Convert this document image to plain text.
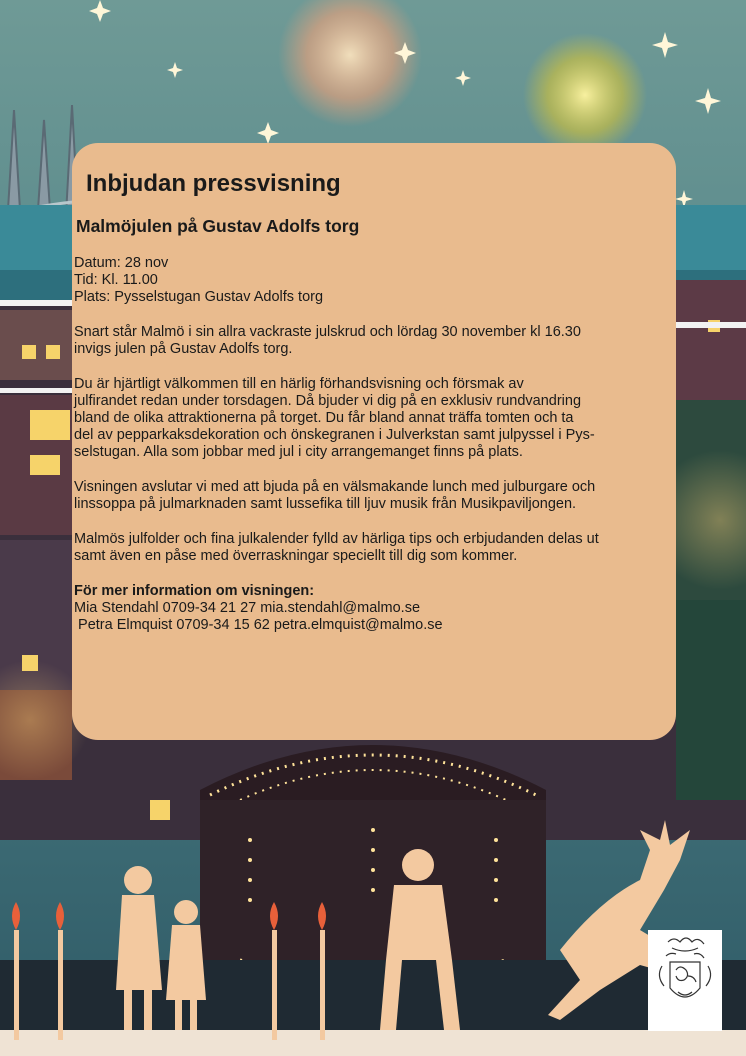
Inbjudan pressvisning
Malmöjulen på Gustav Adolfs torg

Datum: 28 nov
Tid: Kl. 11.00
Plats: Pysselstugan Gustav Adolfs torg

Snart står Malmö i sin allra vackraste julskrud och lördag 30 november kl 16.30
invigs julen på Gustav Adolfs torg.

Du är hjärtligt välkommen till en härlig förhandsvisning och försmak av
julfirandet redan under torsdagen. Då bjuder vi dig på en exklusiv rundvandring
bland de olika attraktionerna på torget. Du får bland annat träffa tomten och ta
del av pepparkaksdekoration och önskegranen i Julverkstan samt julpyssel i Pys-
selstugan. Alla som jobbar med jul i city arrangemanget finns på plats.

Visningen avslutar vi med att bjuda på en välsmakande lunch med julburgare och
linssoppa på julmarknaden samt lussefika till ljuv musik från Musikpaviljongen.

Malmös julfolder och fina julkalender fylld av härliga tips och erbjudanden delas ut
samt även en påse med överraskningar speciellt till dig som kommer.

För mer information om visningen:
Mia Stendahl 0709-34 21 27 mia.stendahl@malmo.se
Petra Elmquist 0709-34 15 62 petra.elmquist@malmo.se
